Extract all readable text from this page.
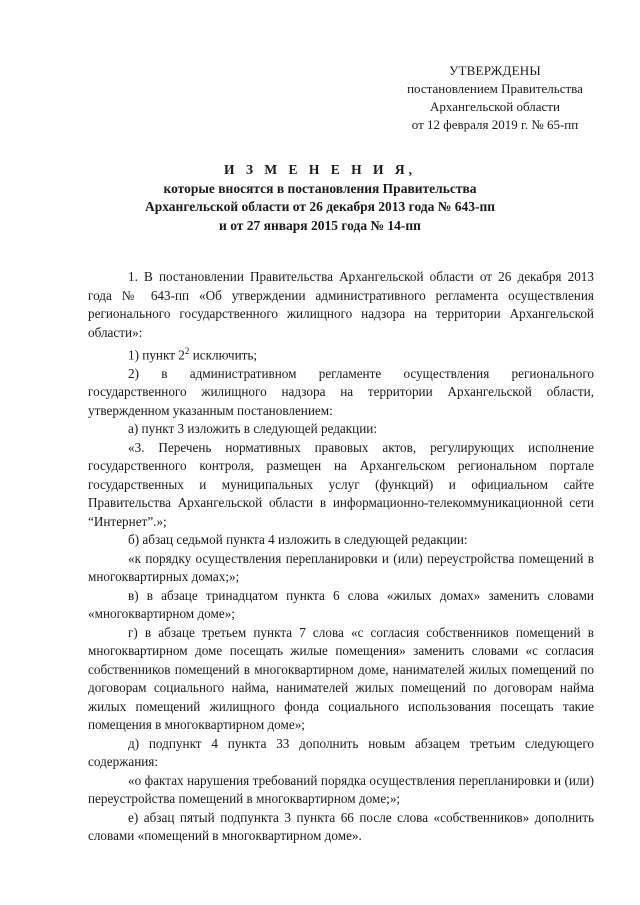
УТВЕРЖДЕНЫ
постановлением Правительства
Архангельской области
от 12 февраля 2019 г. № 65-пп
И З М Е Н Е Н И Я,
которые вносятся в постановления Правительства
Архангельской области от 26 декабря 2013 года № 643-пп
и от 27 января 2015 года № 14-пп

1. В постановлении Правительства Архангельской области от 26 декабря 2013 года № 643-пп «Об утверждении административного регламента осуществления регионального государственного жилищного надзора на территории Архангельской области»:

1) пункт $2^2$ исключить;

2) в административном регламенте осуществления регионального государственного жилищного надзора на территории Архангельской области, утвержденном указанным постановлением:

а) пункт 3 изложить в следующей редакции:

«3. Перечень нормативных правовых актов, регулирующих исполнение государственного контроля, размещен на Архангельском региональном портале государственных и муниципальных услуг (функций) и официальном сайте Правительства Архангельской области в информационно-телекоммуникационной сети “Интернет”.»;

б) абзац седьмой пункта 4 изложить в следующей редакции:

«к порядку осуществления перепланировки и (или) переустройства помещений в многоквартирных домах;»;

в) в абзаце тринадцатом пункта 6 слова «жилых домах» заменить словами «многоквартирном доме»;

г) в абзаце третьем пункта 7 слова «с согласия собственников помещений в многоквартирном доме посещать жилые помещения» заменить словами «с согласия собственников помещений в многоквартирном доме, нанимателей жилых помещений по договорам социального найма, нанимателей жилых помещений по договорам найма жилых помещений жилищного фонда социального использования посещать такие помещения в многоквартирном доме»;

д) подпункт 4 пункта 33 дополнить новым абзацем третьим следующего содержания:

«о фактах нарушения требований порядка осуществления перепланировки и (или) переустройства помещений в многоквартирном доме;»;

е) абзац пятый подпункта 3 пункта 66 после слова «собственников» дополнить словами «помещений в многоквартирном доме».
